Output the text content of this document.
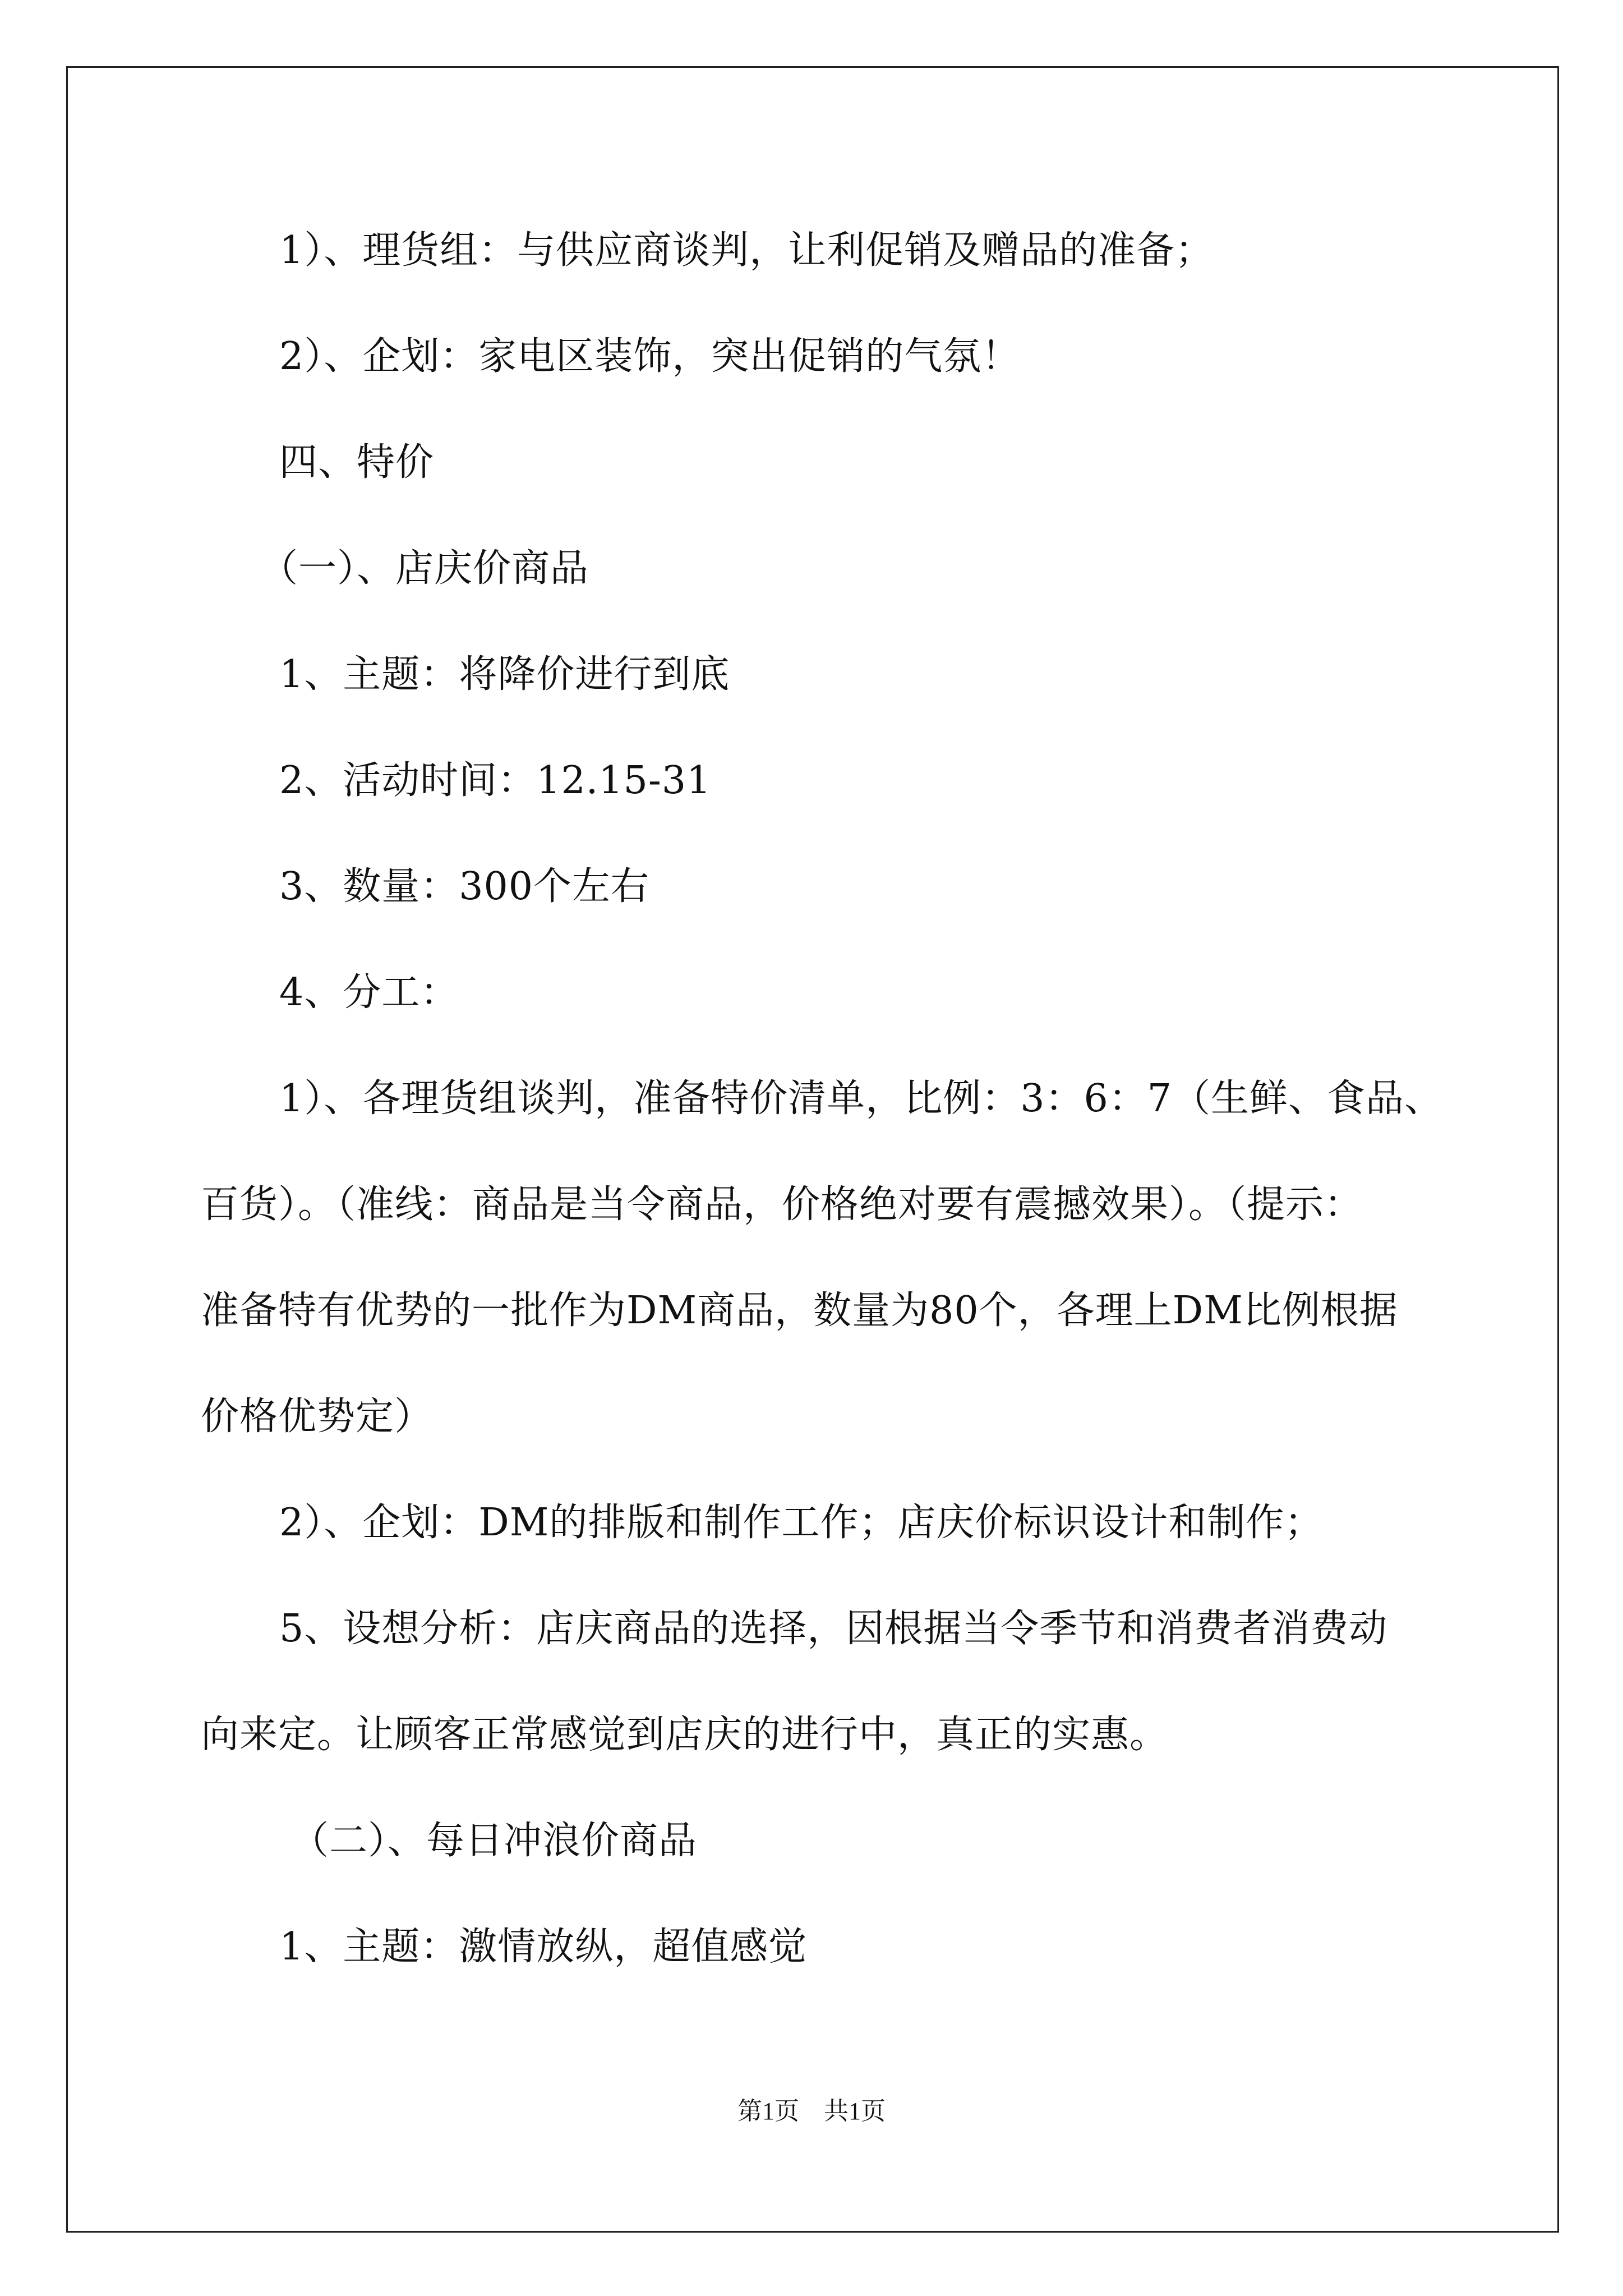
1）、理货组：与供应商谈判，让利促销及赠品的准备；
2）、企划：家电区装饰，突出促销的气氛！
四、特价
（一）、店庆价商品
1、主题：将降价进行到底
2、活动时间：12.15-31
3、数量：300个左右
4、分工：
1）、各理货组谈判，准备特价清单，比例：3：6：7（生鲜、食品、
百货）。（准线：商品是当令商品，价格绝对要有震撼效果）。（提示：
准备特有优势的一批作为DM商品，数量为80个，各理上DM比例根据
价格优势定）
2）、企划：DM的排版和制作工作；店庆价标识设计和制作；
5、设想分析：店庆商品的选择，因根据当令季节和消费者消费动
向来定。让顾客正常感觉到店庆的进行中，真正的实惠。
（二）、每日冲浪价商品
1、主题：激情放纵，超值感觉
第1页　共1页
